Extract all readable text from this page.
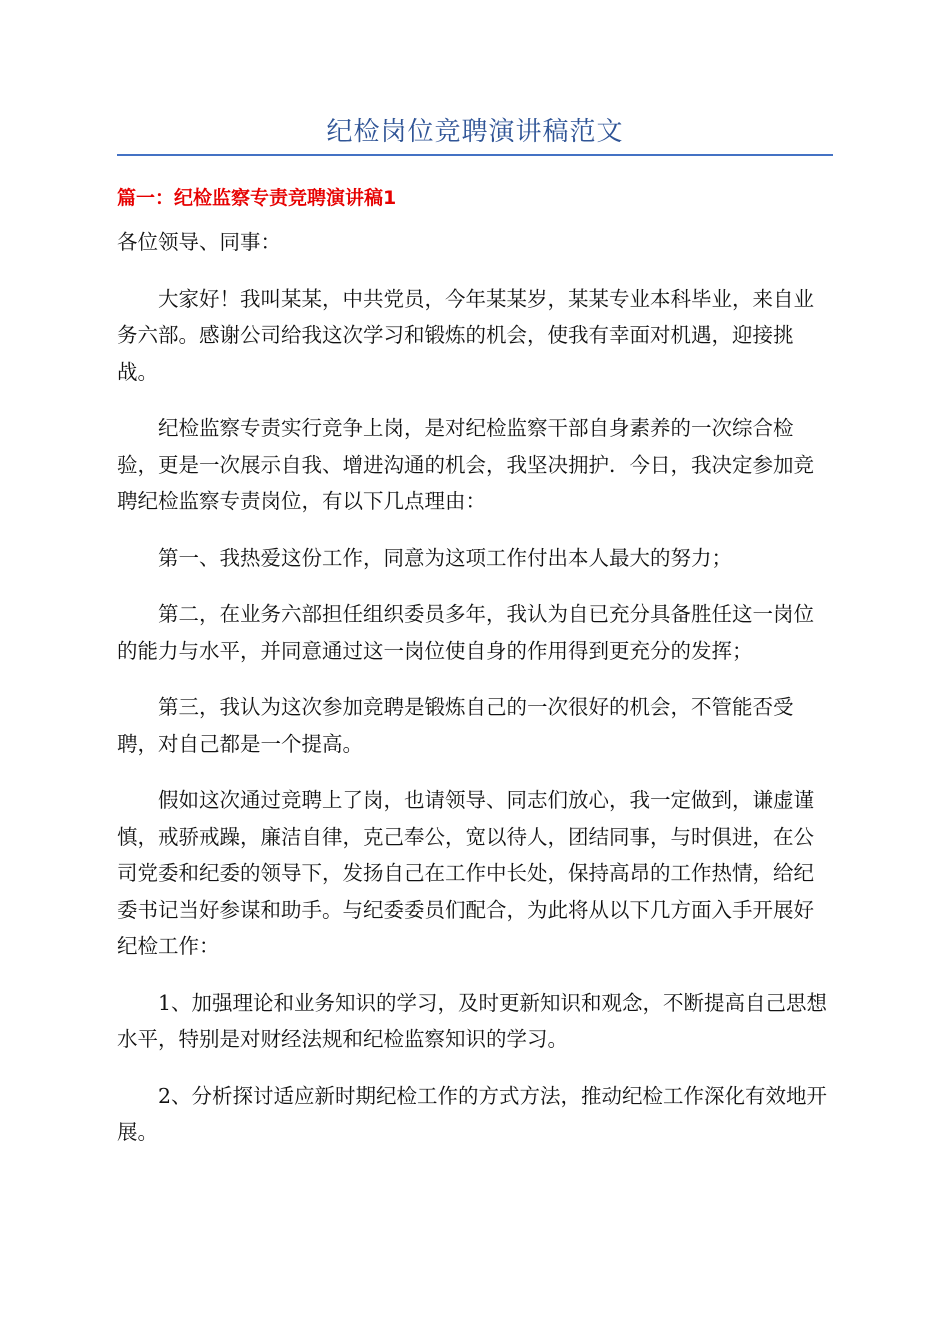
纪检岗位竞聘演讲稿范文
篇一：纪检监察专责竞聘演讲稿1

各位领导、同事：

大家好！我叫某某，中共党员，今年某某岁，某某专业本科毕业，来自业务六部。感谢公司给我这次学习和锻炼的机会，使我有幸面对机遇，迎接挑战。

纪检监察专责实行竞争上岗，是对纪检监察干部自身素养的一次综合检验，更是一次展示自我、增进沟通的机会，我坚决拥护．今日，我决定参加竞聘纪检监察专责岗位，有以下几点理由：

第一、我热爱这份工作，同意为这项工作付出本人最大的努力；

第二，在业务六部担任组织委员多年，我认为自已充分具备胜任这一岗位的能力与水平，并同意通过这一岗位使自身的作用得到更充分的发挥；

第三，我认为这次参加竞聘是锻炼自己的一次很好的机会，不管能否受聘，对自己都是一个提高。

假如这次通过竞聘上了岗，也请领导、同志们放心，我一定做到，谦虚谨慎，戒骄戒躁，廉洁自律，克己奉公，宽以待人，团结同事，与时俱进，在公司党委和纪委的领导下，发扬自己在工作中长处，保持高昂的工作热情，给纪委书记当好参谋和助手。与纪委委员们配合，为此将从以下几方面入手开展好纪检工作：

1、加强理论和业务知识的学习，及时更新知识和观念，不断提高自己思想水平，特别是对财经法规和纪检监察知识的学习。

2、分析探讨适应新时期纪检工作的方式方法，推动纪检工作深化有效地开展。
